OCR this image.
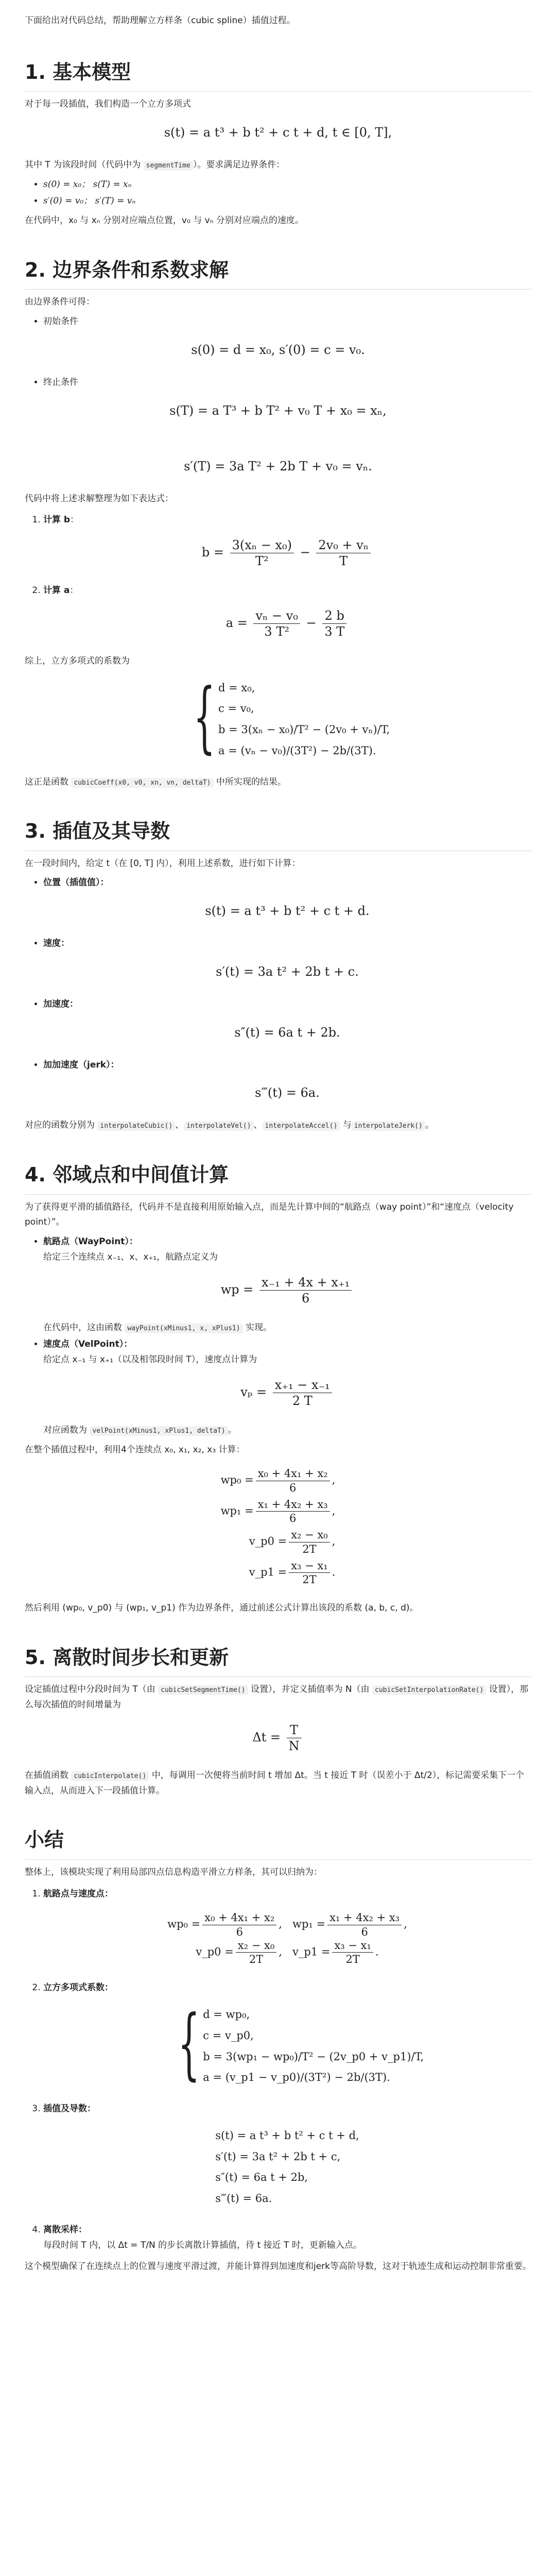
下面给出对代码总结，帮助理解立方样条（cubic spline）插值过程。

1. 基本模型

对于每一段插值，我们构造一个立方多项式

s(t) = a t³ + b t² + c t + d, t ∈ [0, T],

其中 T 为该段时间（代码中为 segmentTime ）。要求满足边界条件：

• s(0) = x₀； s(T) = xₙ
• s′(0) = v₀； s′(T) = vₙ

在代码中，x₀ 与 xₙ 分别对应端点位置，v₀ 与 vₙ 分别对应端点的速度。

2. 边界条件和系数求解

由边界条件可得：

• 初始条件
s(0) = d = x₀, s′(0) = c = v₀.
• 终止条件
s(T) = a T³ + b T² + v₀ T + x₀ = xₙ,
s′(T) = 3a T² + 2b T + v₀ = vₙ.

代码中将上述求解整理为如下表达式：

1. 计算 b：
$b = \frac{\text{3(xₙ − x₀)}}{\text{T²}} - \frac{\text{2v₀ + vₙ}}{T}$
2. 计算 a：
$a = \frac{\text{vₙ − v₀}}{\text{3 T²}} - \frac{2 b}{3 T}$

综上，立方多项式的系数为

{ d = x₀,
c = v₀,
b = 3(xₙ − x₀)/T² − (2v₀ + vₙ)/T,
a = (vₙ − v₀)/(3T²) − 2b/(3T).

这正是函数 cubicCoeff(x0, v0, xn, vn, deltaT) 中所实现的结果。

3. 插值及其导数

在一段时间内，给定 t（在 [0, T] 内），利用上述系数，进行如下计算：

• 位置（插值值）：
s(t) = a t³ + b t² + c t + d.
• 速度：
s′(t) = 3a t² + 2b t + c.
• 加速度：
s″(t) = 6a t + 2b.
• 加加速度（jerk）：
s‴(t) = 6a.

对应的函数分别为 interpolateCubic() 、 interpolateVel() 、 interpolateAccel() 与 interpolateJerk() 。

4. 邻域点和中间值计算

为了获得更平滑的插值路径，代码并不是直接利用原始输入点，而是先计算中间的“航路点（way point）”和“速度点（velocity point）”。

• 航路点（WayPoint）：
给定三个连续点 x₋₁、x、x₊₁，航路点定义为
wp = $\frac{\text{x₋₁ + 4x + x₊₁}}{6}$
在代码中，这由函数 wayPoint(xMinus1, x, xPlus1) 实现。
• 速度点（VelPoint）：
给定点 x₋₁ 与 x₊₁（以及相邻段时间 T），速度点计算为
$v_p = \frac{\text{x₊₁ − x₋₁}}{2 T}$
对应函数为 velPoint(xMinus1, xPlus1, deltaT) 。

在整个插值过程中，利用4个连续点 x₀, x₁, x₂, x₃ 计算：

$wp_0 = \frac{\text{x₀ + 4x₁ + x₂}}{6}$ ,
$wp_1 = \frac{\text{x₁ + 4x₂ + x₃}}{6}$ ,
v_p0 = $\frac{\text{x₂ − x₀}}{2T}$ ,
v_p1 = $\frac{\text{x₃ − x₁}}{2T}$ .

然后利用 (wp₀, v_p0) 与 (wp₁, v_p1) 作为边界条件，通过前述公式计算出该段的系数 (a, b, c, d)。

5. 离散时间步长和更新

设定插值过程中分段时间为 T（由 cubicSetSegmentTime() 设置），并定义插值率为 N（由 cubicSetInterpolationRate() 设置），那么每次插值的时间增量为

$\Delta t = \frac{T}{N}$

在插值函数 cubicInterpolate() 中，每调用一次便将当前时间 t 增加 Δt。当 t 接近 T 时（误差小于 Δt/2），标记需要采集下一个输入点，从而进入下一段插值计算。

小结

整体上，该模块实现了利用局部四点信息构造平滑立方样条，其可以归纳为：

1. 航路点与速度点：
$wp_0 = \frac{\text{x₀ + 4x₁ + x₂}}{6}$ , $wp_1 = \frac{\text{x₁ + 4x₂ + x₃}}{6}$ ,
v_p0 = $\frac{\text{x₂ − x₀}}{2T}$ , v_p1 = $\frac{\text{x₃ − x₁}}{2T}$ .
2. 立方多项式系数：
{ d = wp₀,
c = v_p0,
b = 3(wp₁ − wp₀)/T² − (2v_p0 + v_p1)/T,
a = (v_p1 − v_p0)/(3T²) − 2b/(3T).
3. 插值及导数：
s(t) = a t³ + b t² + c t + d,
s′(t) = 3a t² + 2b t + c,
s″(t) = 6a t + 2b,
s‴(t) = 6a.
4. 离散采样：
每段时间 T 内，以 Δt = T/N 的步长离散计算插值，待 t 接近 T 时，更新输入点。

这个模型确保了在连续点上的位置与速度平滑过渡，并能计算得到加速度和jerk等高阶导数，这对于轨迹生成和运动控制非常重要。
